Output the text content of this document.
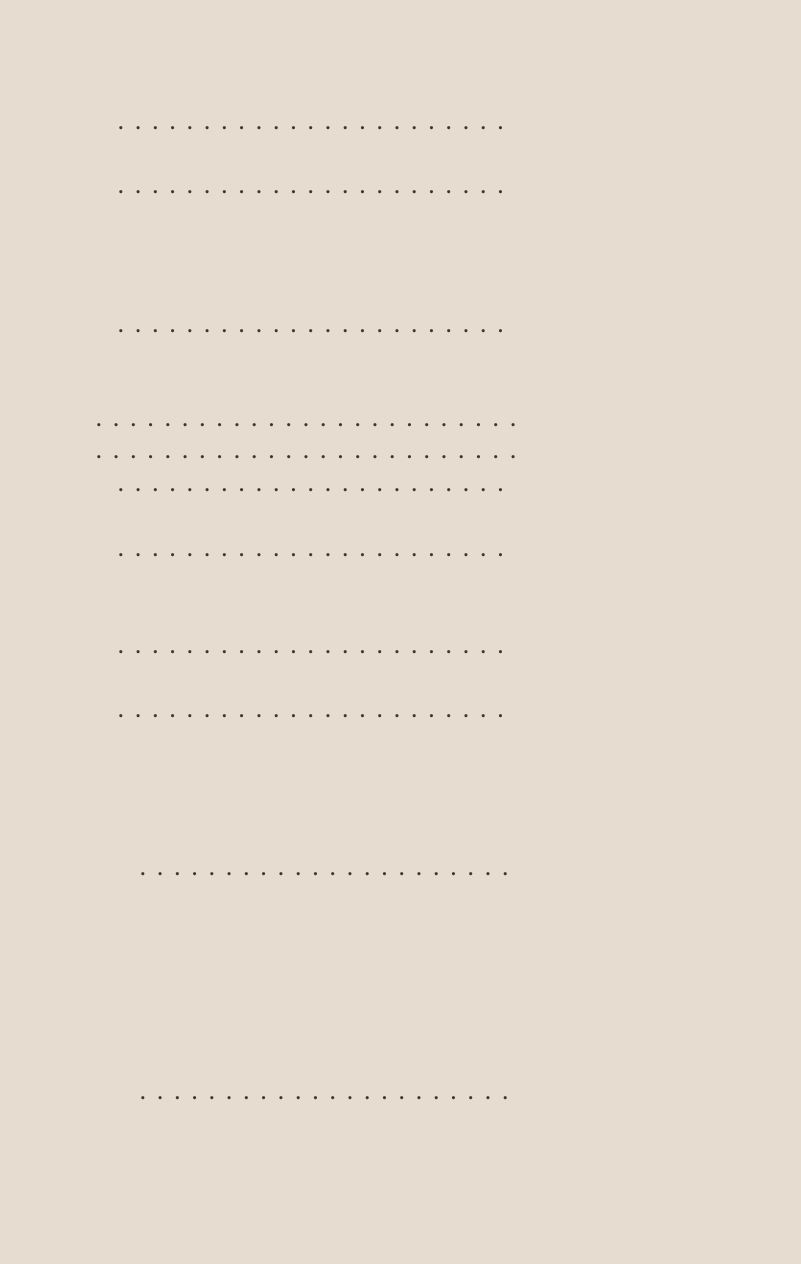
. . .
. . .
. . .
. . .
. . .
. . .
. . .
. . .
. . .
. . .
. . .
